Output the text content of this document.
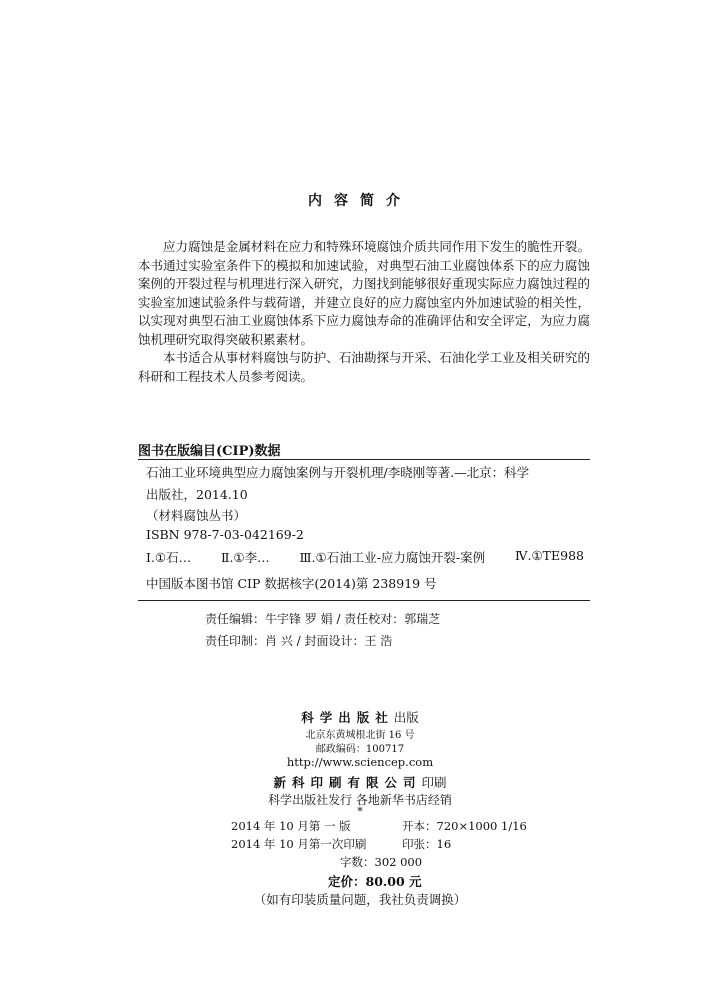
内容简介

应力腐蚀是金属材料在应力和特殊环境腐蚀介质共同作用下发生的脆性开裂。本书通过实验室条件下的模拟和加速试验，对典型石油工业腐蚀体系下的应力腐蚀案例的开裂过程与机理进行深入研究，力图找到能够很好重现实际应力腐蚀过程的实验室加速试验条件与载荷谱，并建立良好的应力腐蚀室内外加速试验的相关性，以实现对典型石油工业腐蚀体系下应力腐蚀寿命的准确评估和安全评定，为应力腐蚀机理研究取得突破积累素材。

本书适合从事材料腐蚀与防护、石油勘探与开采、石油化学工业及相关研究的科研和工程技术人员参考阅读。

图书在版编目(CIP)数据
石油工业环境典型应力腐蚀案例与开裂机理/李晓刚等著.—北京：科学
出版社，2014.10
（材料腐蚀丛书）
ISBN 978-7-03-042169-2
Ⅰ.①石… Ⅱ.①李… Ⅲ.①石油工业-应力腐蚀开裂-案例 Ⅳ.①TE988
中国版本图书馆 CIP 数据核字(2014)第 238919 号
责任编辑：牛宇锋 罗 娟 / 责任校对：郭瑞芝
责任印制：肖 兴 / 封面设计：王 浩
科学出版社出版
北京东黄城根北街 16 号
邮政编码：100717
http://www.sciencep.com
新科印刷有限公司印刷
科学出版社发行 各地新华书店经销
*
2014 年 10 月第 一 版	开本：720×1000 1/16
2014 年 10 月第一次印刷	印张：16
字数：302 000
定价：80.00 元
（如有印装质量问题，我社负责调换）
